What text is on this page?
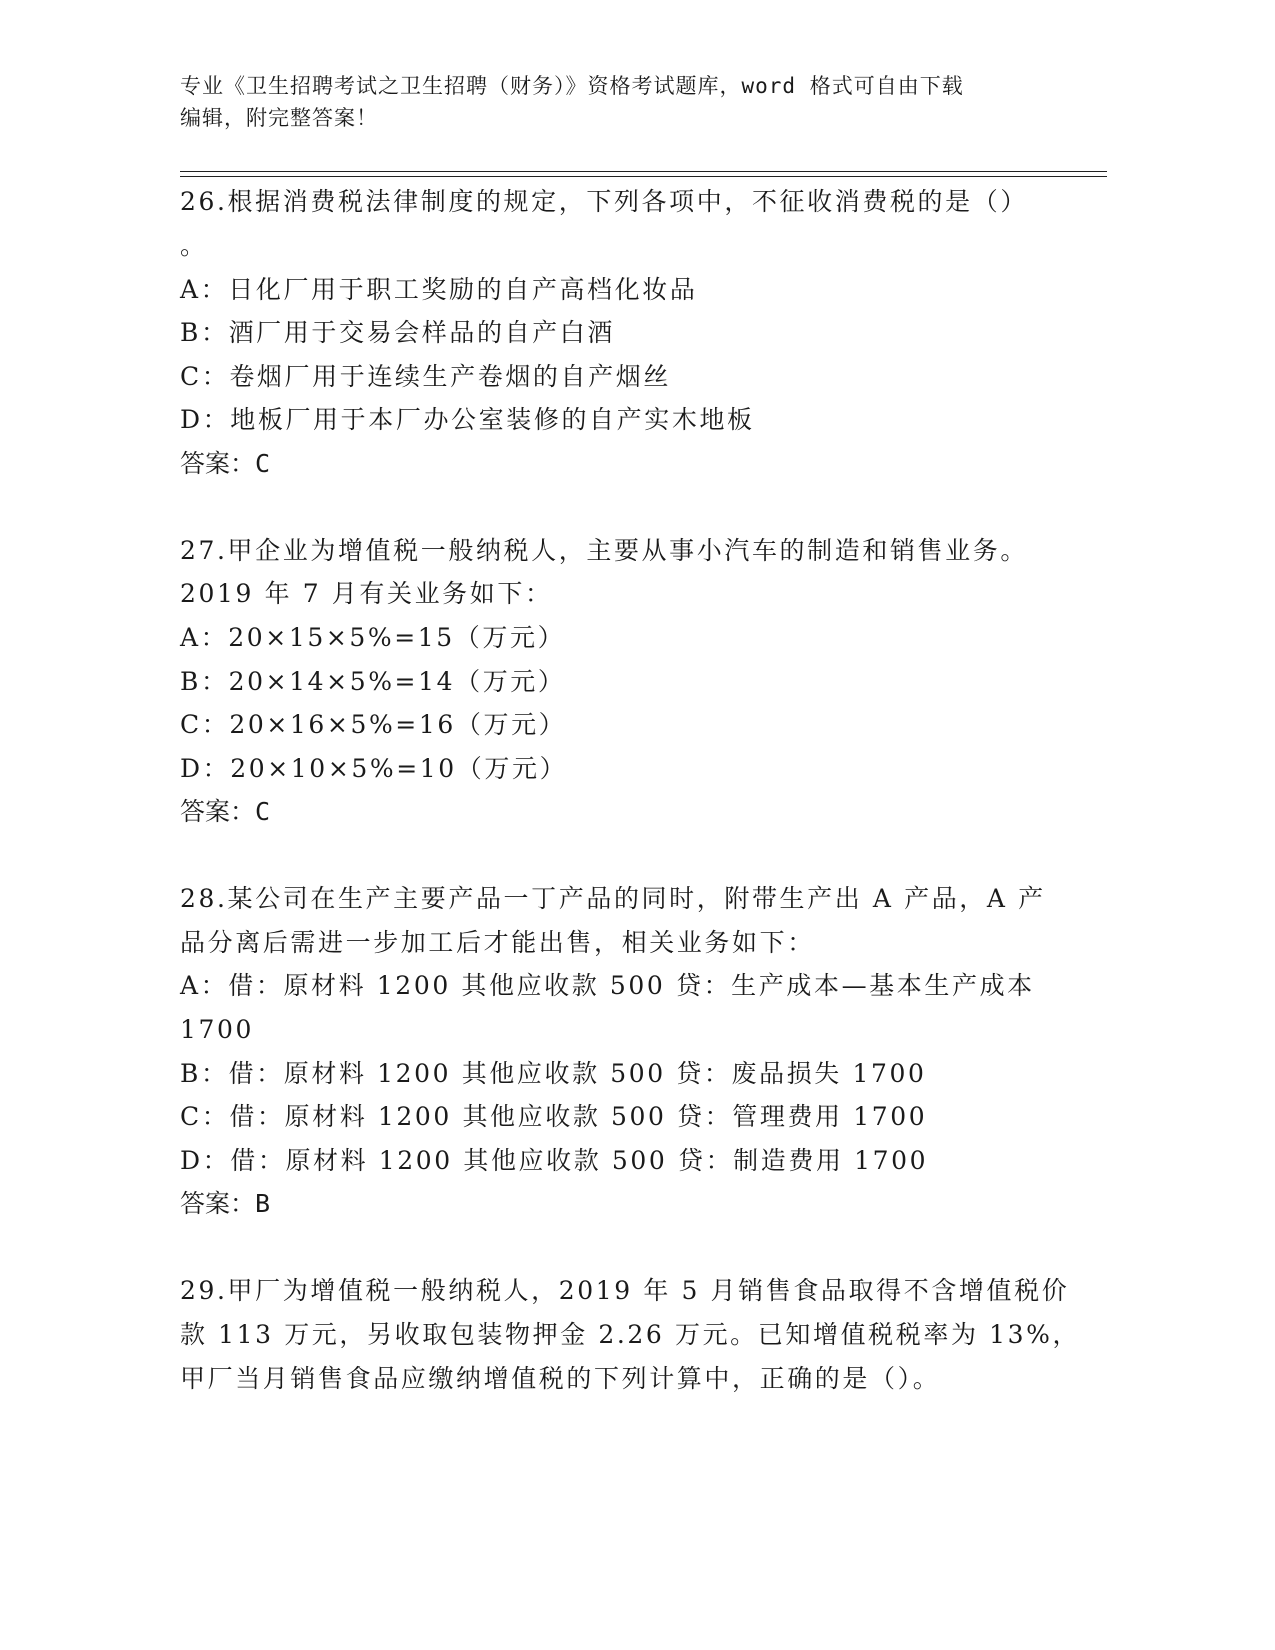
专业《卫生招聘考试之卫生招聘（财务）》资格考试题库，word 格式可自由下载
编辑，附完整答案！
26.根据消费税法律制度的规定，下列各项中，不征收消费税的是（）
。
A：日化厂用于职工奖励的自产高档化妆品
B：酒厂用于交易会样品的自产白酒
C：卷烟厂用于连续生产卷烟的自产烟丝
D：地板厂用于本厂办公室装修的自产实木地板
答案：C
27.甲企业为增值税一般纳税人，主要从事小汽车的制造和销售业务。
2019 年 7 月有关业务如下：
A：20×15×5%=15（万元）
B：20×14×5%=14（万元）
C：20×16×5%=16（万元）
D：20×10×5%=10（万元）
答案：C
28.某公司在生产主要产品一丁产品的同时，附带生产出 A 产品，A 产
品分离后需进一步加工后才能出售，相关业务如下：
A：借：原材料 1200 其他应收款 500 贷：生产成本—基本生产成本
1700
B：借：原材料 1200 其他应收款 500 贷：废品损失 1700
C：借：原材料 1200 其他应收款 500 贷：管理费用 1700
D：借：原材料 1200 其他应收款 500 贷：制造费用 1700
答案：B
29.甲厂为增值税一般纳税人，2019 年 5 月销售食品取得不含增值税价
款 113 万元，另收取包装物押金 2.26 万元。已知增值税税率为 13%，
甲厂当月销售食品应缴纳增值税的下列计算中，正确的是（）。
